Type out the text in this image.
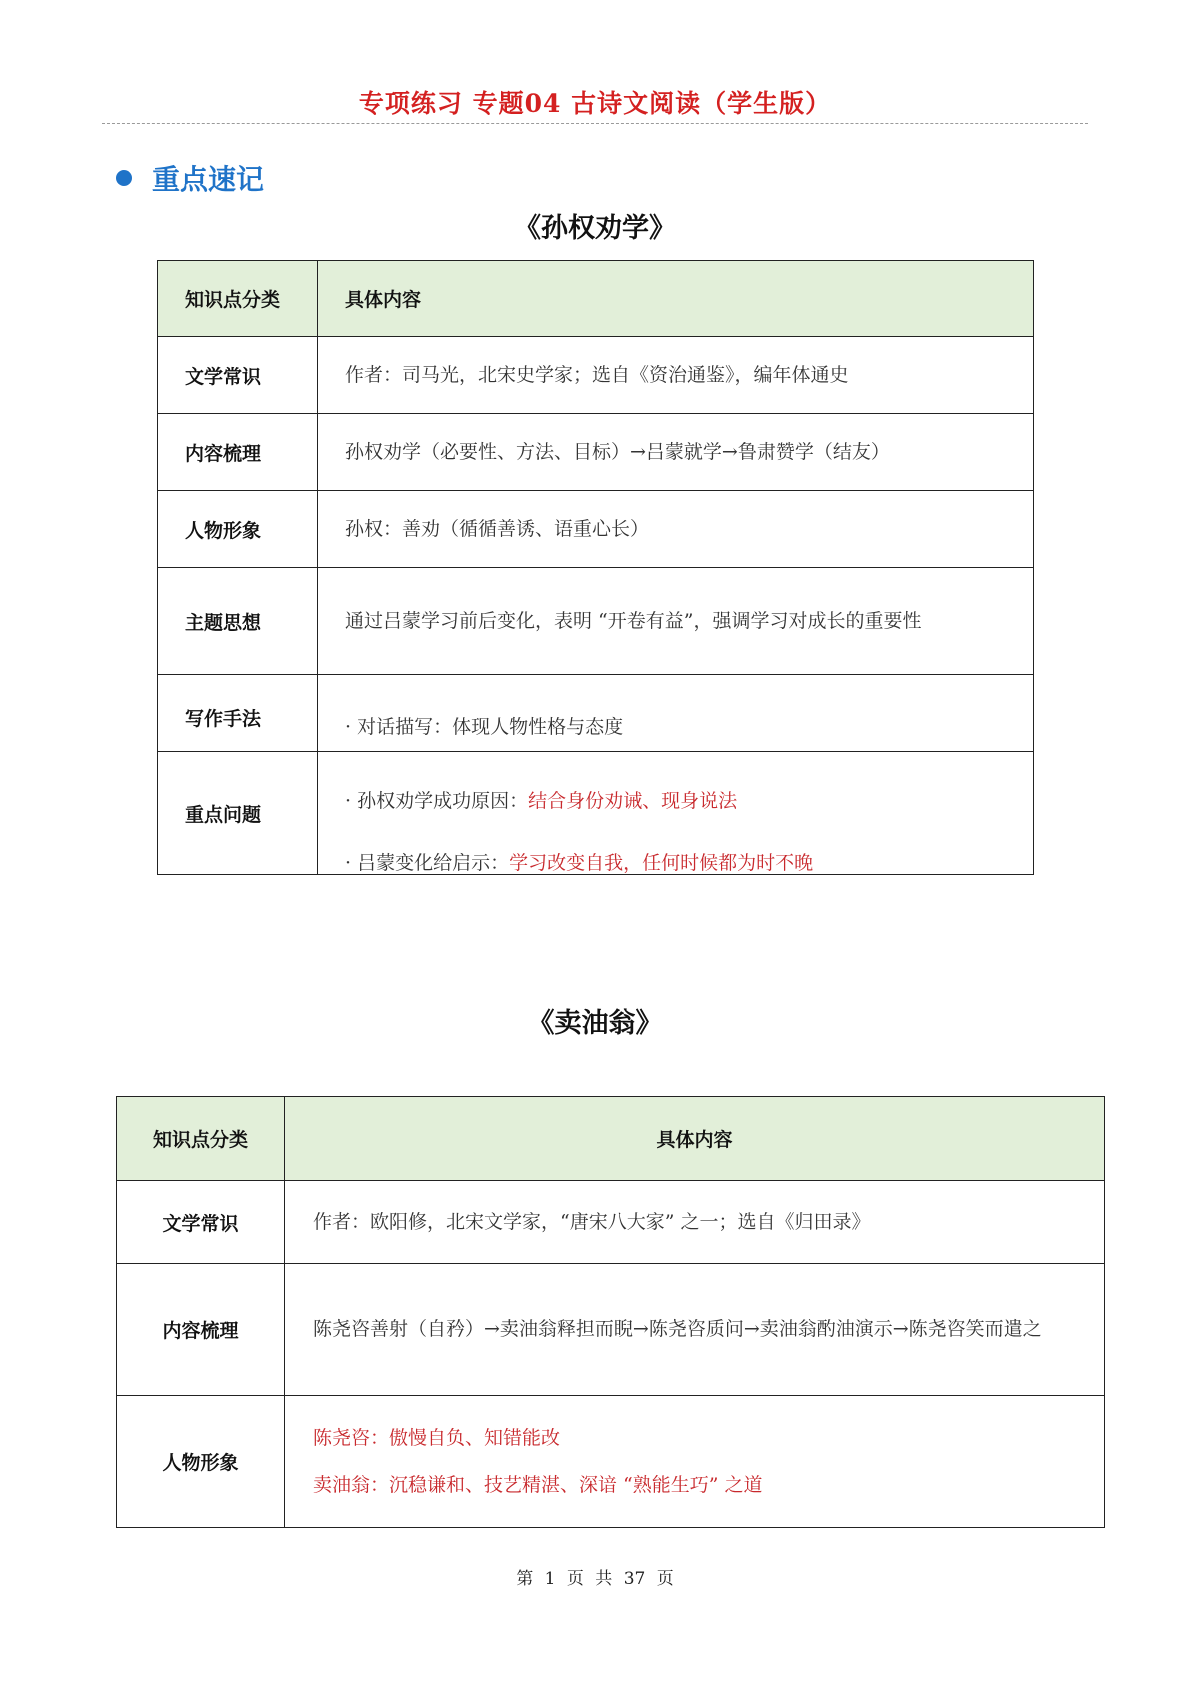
专项练习 专题04 古诗文阅读（学生版）
重点速记
《孙权劝学》
知识点分类	具体内容
文学常识	作者：司马光，北宋史学家；选自《资治通鉴》，编年体通史
内容梳理	孙权劝学（必要性、方法、目标）→吕蒙就学→鲁肃赞学（结友）
人物形象	孙权：善劝（循循善诱、语重心长）
主题思想	通过吕蒙学习前后变化，表明 “开卷有益”，强调学习对成长的重要性
写作手法	· 对话描写：体现人物性格与态度
重点问题	· 孙权劝学成功原因：结合身份劝诫、现身说法

· 吕蒙变化给启示：学习改变自我，任何时候都为时不晚

《卖油翁》
知识点分类	具体内容
文学常识	作者：欧阳修，北宋文学家，“唐宋八大家” 之一；选自《归田录》
内容梳理	陈尧咨善射（自矜）→卖油翁释担而睨→陈尧咨质问→卖油翁酌油演示→陈尧咨笑而遣之
人物形象	陈尧咨：傲慢自负、知错能改
卖油翁：沉稳谦和、技艺精湛、深谙 “熟能生巧” 之道
第 1 页 共 37 页
